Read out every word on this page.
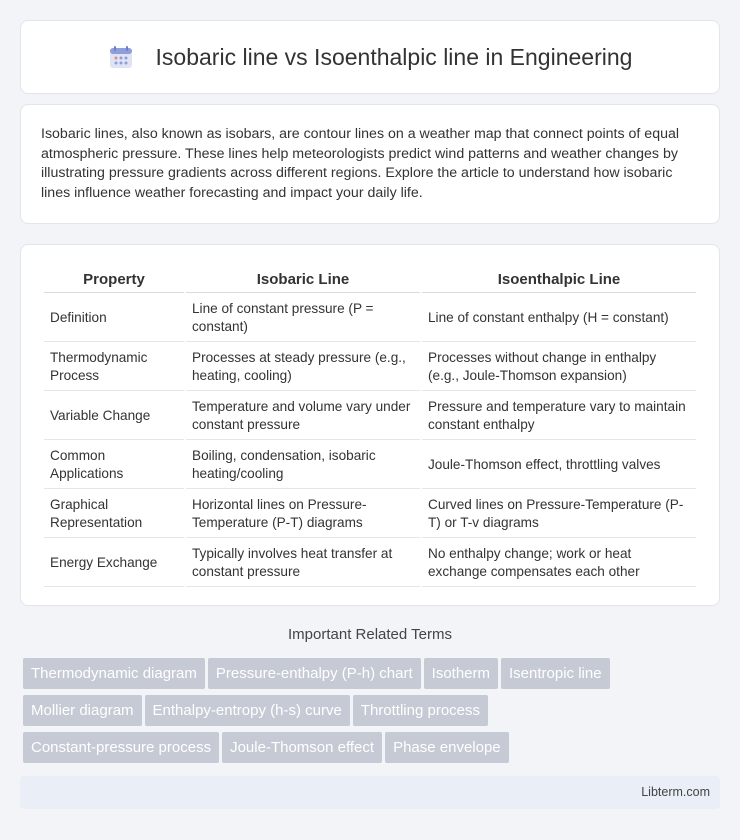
Isobaric line vs Isoenthalpic line in Engineering

Isobaric lines, also known as isobars, are contour lines on a weather map that connect points of equal atmospheric pressure. These lines help meteorologists predict wind patterns and weather changes by illustrating pressure gradients across different regions. Explore the article to understand how isobaric lines influence weather forecasting and impact your daily life.

Property	Isobaric Line	Isoenthalpic Line
Definition	Line of constant pressure (P = constant)	Line of constant enthalpy (H = constant)
Thermodynamic Process	Processes at steady pressure (e.g., heating, cooling)	Processes without change in enthalpy (e.g., Joule-Thomson expansion)
Variable Change	Temperature and volume vary under constant pressure	Pressure and temperature vary to maintain constant enthalpy
Common Applications	Boiling, condensation, isobaric heating/cooling	Joule-Thomson effect, throttling valves
Graphical Representation	Horizontal lines on Pressure-Temperature (P-T) diagrams	Curved lines on Pressure-Temperature (P-T) or T-v diagrams
Energy Exchange	Typically involves heat transfer at constant pressure	No enthalpy change; work or heat exchange compensates each other
Important Related Terms
Thermodynamic diagram Pressure-enthalpy (P-h) chart Isotherm Isentropic line
Mollier diagram Enthalpy-entropy (h-s) curve Throttling process
Constant-pressure process Joule-Thomson effect Phase envelope
Libterm.com
